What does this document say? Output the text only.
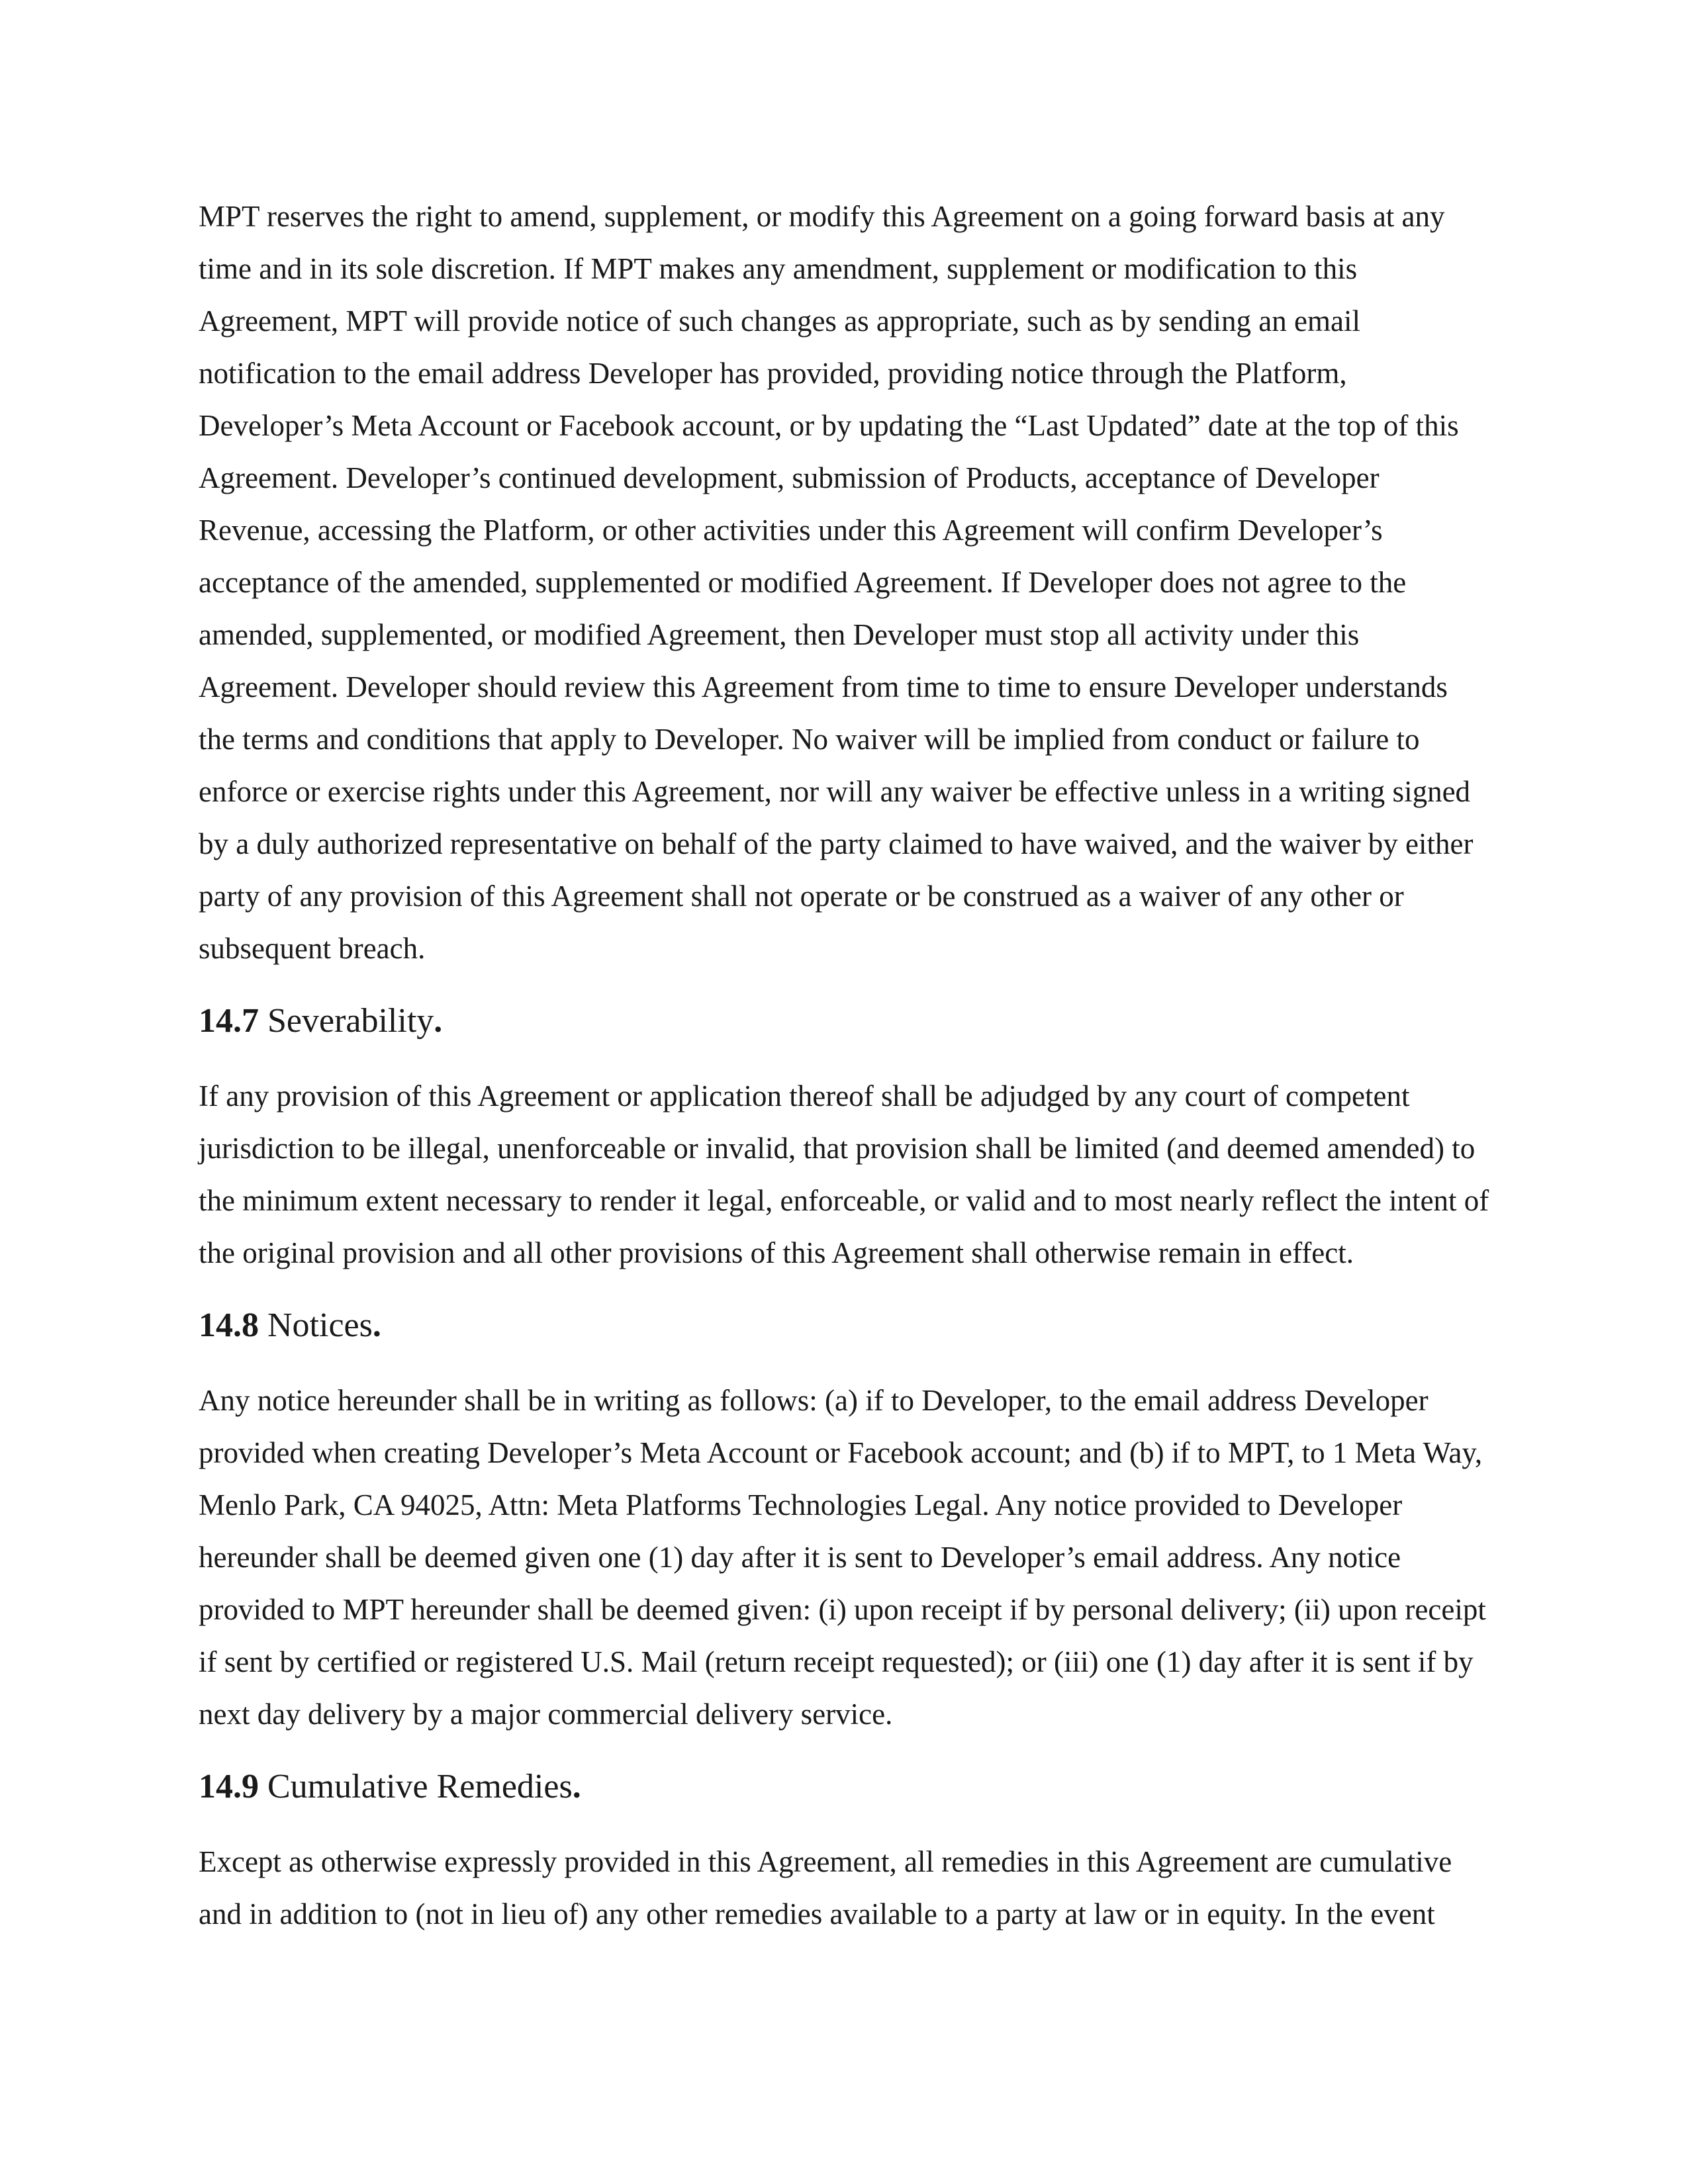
MPT reserves the right to amend, supplement, or modify this Agreement on a going forward basis at any time and in its sole discretion. If MPT makes any amendment, supplement or modification to this Agreement, MPT will provide notice of such changes as appropriate, such as by sending an email notification to the email address Developer has provided, providing notice through the Platform, Developer’s Meta Account or Facebook account, or by updating the “Last Updated” date at the top of this Agreement. Developer’s continued development, submission of Products, acceptance of Developer Revenue, accessing the Platform, or other activities under this Agreement will confirm Developer’s acceptance of the amended, supplemented or modified Agreement. If Developer does not agree to the amended, supplemented, or modified Agreement, then Developer must stop all activity under this Agreement. Developer should review this Agreement from time to time to ensure Developer understands the terms and conditions that apply to Developer. No waiver will be implied from conduct or failure to enforce or exercise rights under this Agreement, nor will any waiver be effective unless in a writing signed by a duly authorized representative on behalf of the party claimed to have waived, and the waiver by either party of any provision of this Agreement shall not operate or be construed as a waiver of any other or subsequent breach.

14.7 Severability.

If any provision of this Agreement or application thereof shall be adjudged by any court of competent jurisdiction to be illegal, unenforceable or invalid, that provision shall be limited (and deemed amended) to the minimum extent necessary to render it legal, enforceable, or valid and to most nearly reflect the intent of the original provision and all other provisions of this Agreement shall otherwise remain in effect.

14.8 Notices.

Any notice hereunder shall be in writing as follows: (a) if to Developer, to the email address Developer provided when creating Developer’s Meta Account or Facebook account; and (b) if to MPT, to 1 Meta Way, Menlo Park, CA 94025, Attn: Meta Platforms Technologies Legal. Any notice provided to Developer hereunder shall be deemed given one (1) day after it is sent to Developer’s email address. Any notice provided to MPT hereunder shall be deemed given: (i) upon receipt if by personal delivery; (ii) upon receipt if sent by certified or registered U.S. Mail (return receipt requested); or (iii) one (1) day after it is sent if by next day delivery by a major commercial delivery service.

14.9 Cumulative Remedies.

Except as otherwise expressly provided in this Agreement, all remedies in this Agreement are cumulative and in addition to (not in lieu of) any other remedies available to a party at law or in equity. In the event
